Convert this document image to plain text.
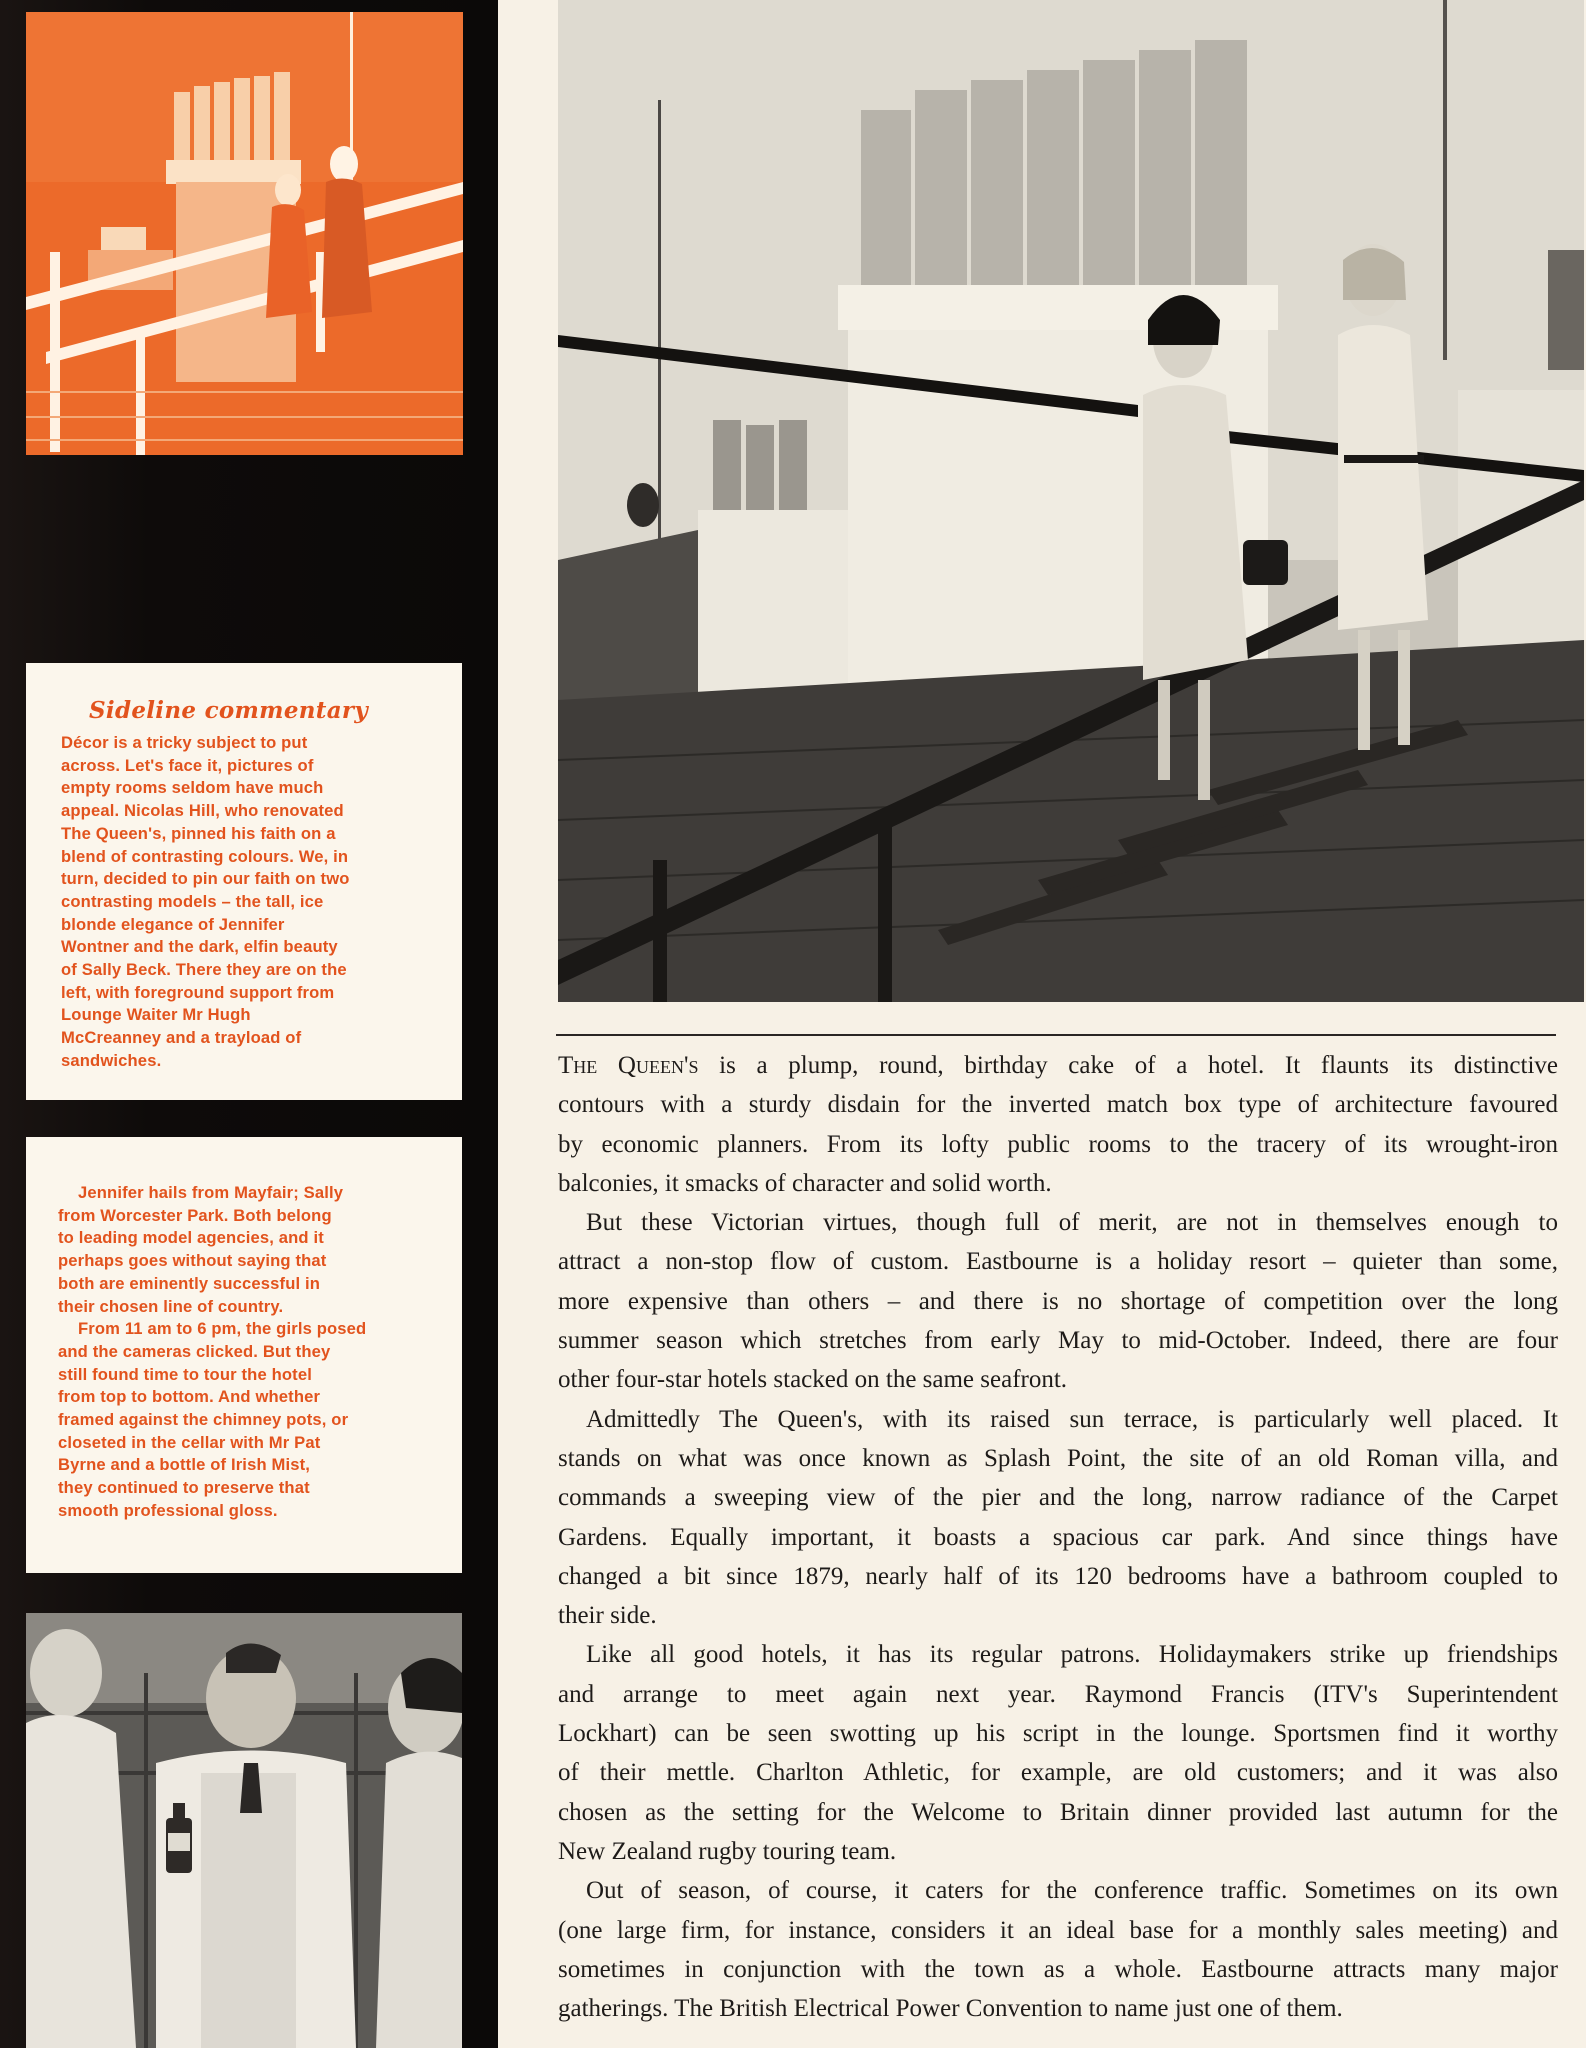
Sideline commentary
Décor is a tricky subject to put
across. Let's face it, pictures of
empty rooms seldom have much
appeal. Nicolas Hill, who renovated
The Queen's, pinned his faith on a
blend of contrasting colours. We, in
turn, decided to pin our faith on two
contrasting models – the tall, ice
blonde elegance of Jennifer
Wontner and the dark, elfin beauty
of Sally Beck. There they are on the
left, with foreground support from
Lounge Waiter Mr Hugh
McCreanney and a trayload of
sandwiches.
Jennifer hails from Mayfair; Sally
from Worcester Park. Both belong
to leading model agencies, and it
perhaps goes without saying that
both are eminently successful in
their chosen line of country.
From 11 am to 6 pm, the girls posed
and the cameras clicked. But they
still found time to tour the hotel
from top to bottom. And whether
framed against the chimney pots, or
closeted in the cellar with Mr Pat
Byrne and a bottle of Irish Mist,
they continued to preserve that
smooth professional gloss.
The Queen's is a plump, round, birthday cake of a hotel. It flaunts its distinctive
contours with a sturdy disdain for the inverted match box type of architecture favoured
by economic planners. From its lofty public rooms to the tracery of its wrought-iron
balconies, it smacks of character and solid worth.
But these Victorian virtues, though full of merit, are not in themselves enough to
attract a non-stop flow of custom. Eastbourne is a holiday resort – quieter than some,
more expensive than others – and there is no shortage of competition over the long
summer season which stretches from early May to mid-October. Indeed, there are four
other four-star hotels stacked on the same seafront.
Admittedly The Queen's, with its raised sun terrace, is particularly well placed. It
stands on what was once known as Splash Point, the site of an old Roman villa, and
commands a sweeping view of the pier and the long, narrow radiance of the Carpet
Gardens. Equally important, it boasts a spacious car park. And since things have
changed a bit since 1879, nearly half of its 120 bedrooms have a bathroom coupled to
their side.
Like all good hotels, it has its regular patrons. Holidaymakers strike up friendships
and arrange to meet again next year. Raymond Francis (ITV's Superintendent
Lockhart) can be seen swotting up his script in the lounge. Sportsmen find it worthy
of their mettle. Charlton Athletic, for example, are old customers; and it was also
chosen as the setting for the Welcome to Britain dinner provided last autumn for the
New Zealand rugby touring team.
Out of season, of course, it caters for the conference traffic. Sometimes on its own
(one large firm, for instance, considers it an ideal base for a monthly sales meeting) and
sometimes in conjunction with the town as a whole. Eastbourne attracts many major
gatherings. The British Electrical Power Convention to name just one of them.
